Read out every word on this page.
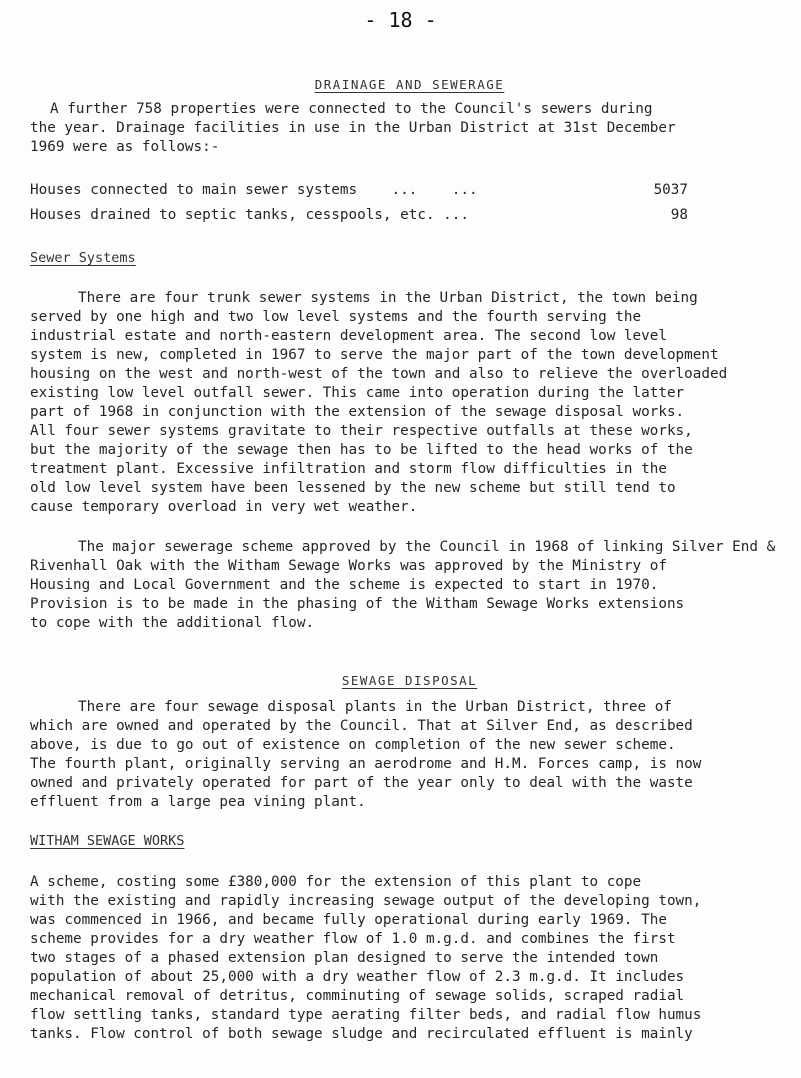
- 18 -

DRAINAGE AND SEWERAGE

A further 758 properties were connected to the Council's sewers during
the year. Drainage facilities in use in the Urban District at 31st December
1969 were as follows:-
Houses connected to main sewer systems    ...    ...	5037
Houses drained to septic tanks, cesspools, etc. ...	98
Sewer Systems
There are four trunk sewer systems in the Urban District, the town being
served by one high and two low level systems and the fourth serving the
industrial estate and north-eastern development area. The second low level
system is new, completed in 1967 to serve the major part of the town development
housing on the west and north-west of the town and also to relieve the overloaded
existing low level outfall sewer. This came into operation during the latter
part of 1968 in conjunction with the extension of the sewage disposal works.
All four sewer systems gravitate to their respective outfalls at these works,
but the majority of the sewage then has to be lifted to the head works of the
treatment plant. Excessive infiltration and storm flow difficulties in the
old low level system have been lessened by the new scheme but still tend to
cause temporary overload in very wet weather.
The major sewerage scheme approved by the Council in 1968 of linking Silver End &
Rivenhall Oak with the Witham Sewage Works was approved by the Ministry of
Housing and Local Government and the scheme is expected to start in 1970.
Provision is to be made in the phasing of the Witham Sewage Works extensions
to cope with the additional flow.

SEWAGE DISPOSAL

There are four sewage disposal plants in the Urban District, three of
which are owned and operated by the Council. That at Silver End, as described
above, is due to go out of existence on completion of the new sewer scheme.
The fourth plant, originally serving an aerodrome and H.M. Forces camp, is now
owned and privately operated for part of the year only to deal with the waste
effluent from a large pea vining plant.
WITHAM SEWAGE WORKS
A scheme, costing some £380,000 for the extension of this plant to cope
with the existing and rapidly increasing sewage output of the developing town,
was commenced in 1966, and became fully operational during early 1969. The
scheme provides for a dry weather flow of 1.0 m.g.d. and combines the first
two stages of a phased extension plan designed to serve the intended town
population of about 25,000 with a dry weather flow of 2.3 m.g.d. It includes
mechanical removal of detritus, comminuting of sewage solids, scraped radial
flow settling tanks, standard type aerating filter beds, and radial flow humus
tanks. Flow control of both sewage sludge and recirculated effluent is mainly
